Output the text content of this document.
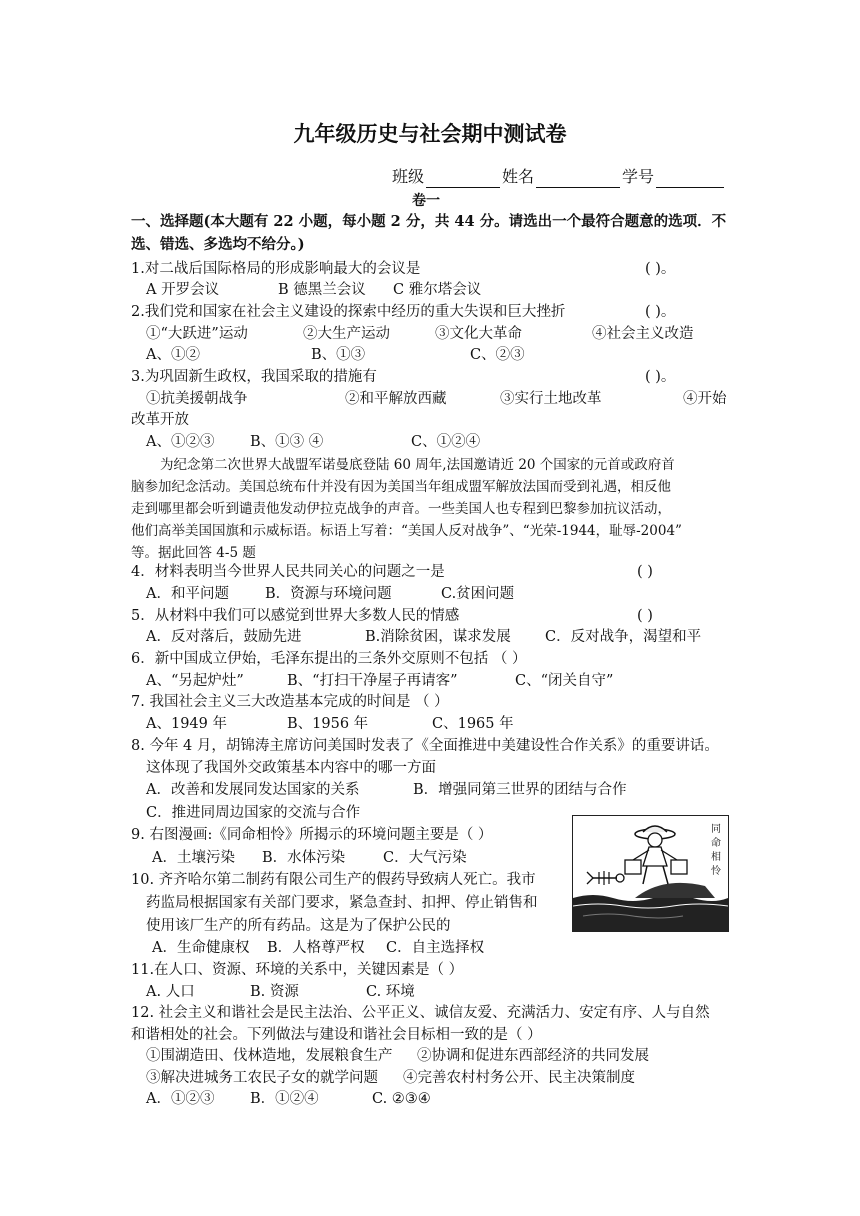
九年级历史与社会期中测试卷
班级	姓名	学号
卷一
一、选择题(本大题有 22 小题，每小题 2 分，共 44 分。请选出一个最符合题意的选项．不
选、错选、多选均不给分。)
1.对二战后国际格局的形成影响最大的会议是	( )。
A 开罗会议	B 德黑兰会议 C 雅尔塔会议
2.我们党和国家在社会主义建设的探索中经历的重大失误和巨大挫折	( )。
①“大跃进”运动	②大生产运动	③文化大革命	④社会主义改造
A、①②	B、①③	C、②③
3.为巩固新生政权，我国采取的措施有	( )。
①抗美援朝战争	②和平解放西藏	③实行土地改革	④开始
改革开放
A、①②③ B、①③ ④	C、①②④
为纪念第二次世界大战盟军诺曼底登陆 60 周年,法国邀请近 20 个国家的元首或政府首
脑参加纪念活动。美国总统布什并没有因为美国当年组成盟军解放法国而受到礼遇，相反他
走到哪里都会听到谴责他发动伊拉克战争的声音。一些美国人也专程到巴黎参加抗议活动，
他们高举美国国旗和示威标语。标语上写着：“美国人反对战争”、“光荣-1944，耻辱-2004”
等。据此回答 4-5 题
4．材料表明当今世界人民共同关心的问题之一是	( )
A．和平问题 B．资源与环境问题	C.贫困问题
5．从材料中我们可以感觉到世界大多数人民的情感	( )
A．反对落后，鼓励先进	B.消除贫困，谋求发展 C．反对战争，渴望和平
6．新中国成立伊始，毛泽东提出的三条外交原则不包括 （ ）
A、“另起炉灶”	B、“打扫干净屋子再请客”	C、“闭关自守”
7. 我国社会主义三大改造基本完成的时间是 （ ）
A、1949 年	B、1956 年	C、1965 年
8. 今年 4 月，胡锦涛主席访问美国时发表了《全面推进中美建设性合作关系》的重要讲话。
这体现了我国外交政策基本内容中的哪一方面
A．改善和发展同发达国家的关系	B．增强同第三世界的团结与合作
C．推进同周边国家的交流与合作
9. 右图漫画:《同命相怜》所揭示的环境问题主要是（ ）
A．土壤污染 B．水体污染	C．大气污染
同
命
相
怜
10. 齐齐哈尔第二制药有限公司生产的假药导致病人死亡。我市
药监局根据国家有关部门要求，紧急查封、扣押、停止销售和
使用该厂生产的所有药品。这是为了保护公民的
A．生命健康权 B．人格尊严权 C．自主选择权
11.在人口、资源、环境的关系中，关键因素是（ ）
A. 人口	B. 资源	C. 环境
12. 社会主义和谐社会是民主法治、公平正义、诚信友爱、充满活力、安定有序、人与自然
和谐相处的社会。下列做法与建设和谐社会目标相一致的是（ ）
①围湖造田、伐林造地，发展粮食生产 ②协调和促进东西部经济的共同发展
③解决进城务工农民子女的就学问题 ④完善农村村务公开、民主决策制度
A．①②③ B．①②④	C. ②③④
